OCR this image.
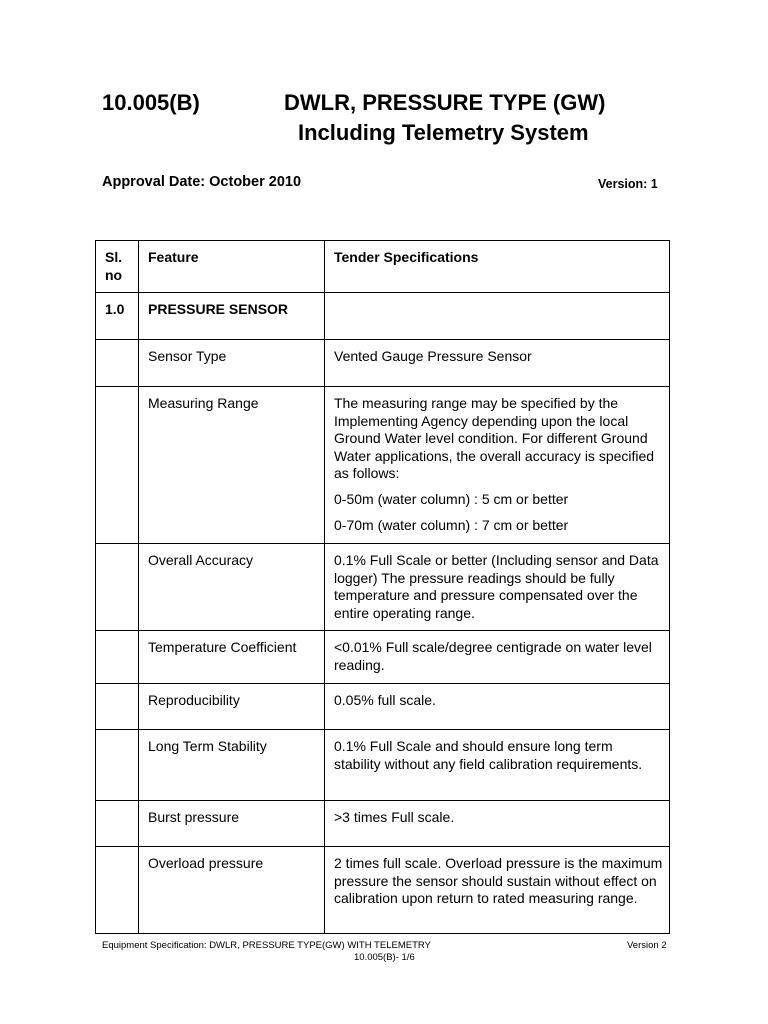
10.005(B)	DWLR, PRESSURE TYPE (GW)
Including Telemetry System
Approval Date: October 2010	Version: 1
Sl. no	Feature	Tender Specifications
1.0	PRESSURE SENSOR	
	Sensor Type	Vented Gauge Pressure Sensor

	Measuring Range	The measuring range may be specified by the Implementing Agency depending upon the local Ground Water level condition. For different Ground Water applications, the overall accuracy is specified as follows:
0-50m (water column) : 5 cm or better
0-70m (water column) : 7 cm or better

	Overall Accuracy	0.1% Full Scale or better (Including sensor and Data logger) The pressure readings should be fully temperature and pressure compensated over the entire operating range.

	Temperature Coefficient	<0.01% Full scale/degree centigrade on water level reading.

	Reproducibility	0.05% full scale.

	Long Term Stability	0.1% Full Scale and should ensure long term stability without any field calibration requirements.

	Burst pressure	>3 times Full scale.

	Overload pressure	2 times full scale. Overload pressure is the maximum pressure the sensor should sustain without effect on calibration upon return to rated measuring range.
Equipment Specification: DWLR, PRESSURE TYPE(GW) WITH TELEMETRY	Version 2
10.005(B)- 1/6
